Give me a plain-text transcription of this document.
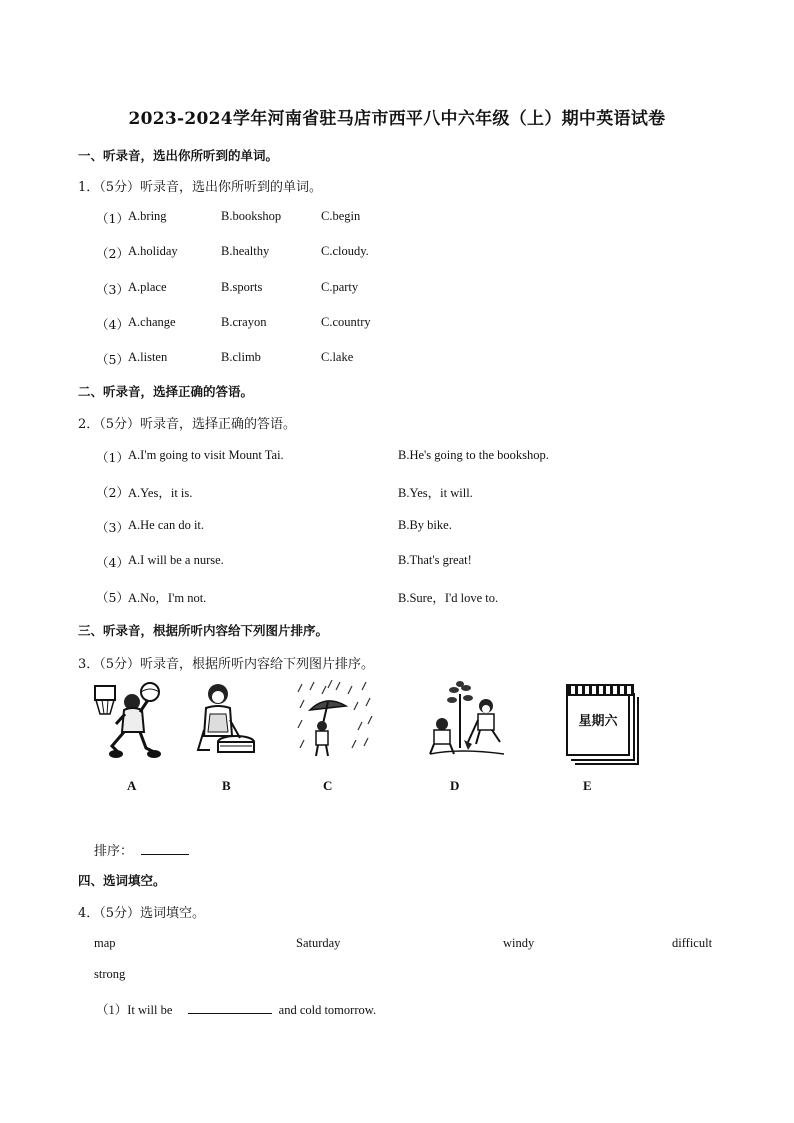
2023-2024学年河南省驻马店市西平八中六年级（上）期中英语试卷
一、听录音，选出你所听到的单词。
1．（5分）听录音，选出你所听到的单词。
（1） A.bring	B.bookshop	C.begin
（2） A.holiday	B.healthy	C.cloudy.
（3） A.place	B.sports	C.party
（4） A.change	B.crayon	C.country
（5） A.listen	B.climb	C.lake
二、听录音，选择正确的答语。
2．（5分）听录音，选择正确的答语。
（1） A.I'm going to visit Mount Tai.	B.He's going to the bookshop.
（2） A.Yes，it is.	B.Yes，it will.
（3） A.He can do it.	B.By bike.
（4） A.I will be a nurse.	B.That's great!
（5） A.No，I'm not.	B.Sure，I'd love to.
三、听录音，根据所听内容给下列图片排序。
3．（5分）听录音，根据所听内容给下列图片排序。
A	B	C	D
星期六
E
排序：
四、选词填空。
4．（5分）选词填空。
map	Saturday	windy	difficult
strong
（1）It will be	and cold tomorrow.
